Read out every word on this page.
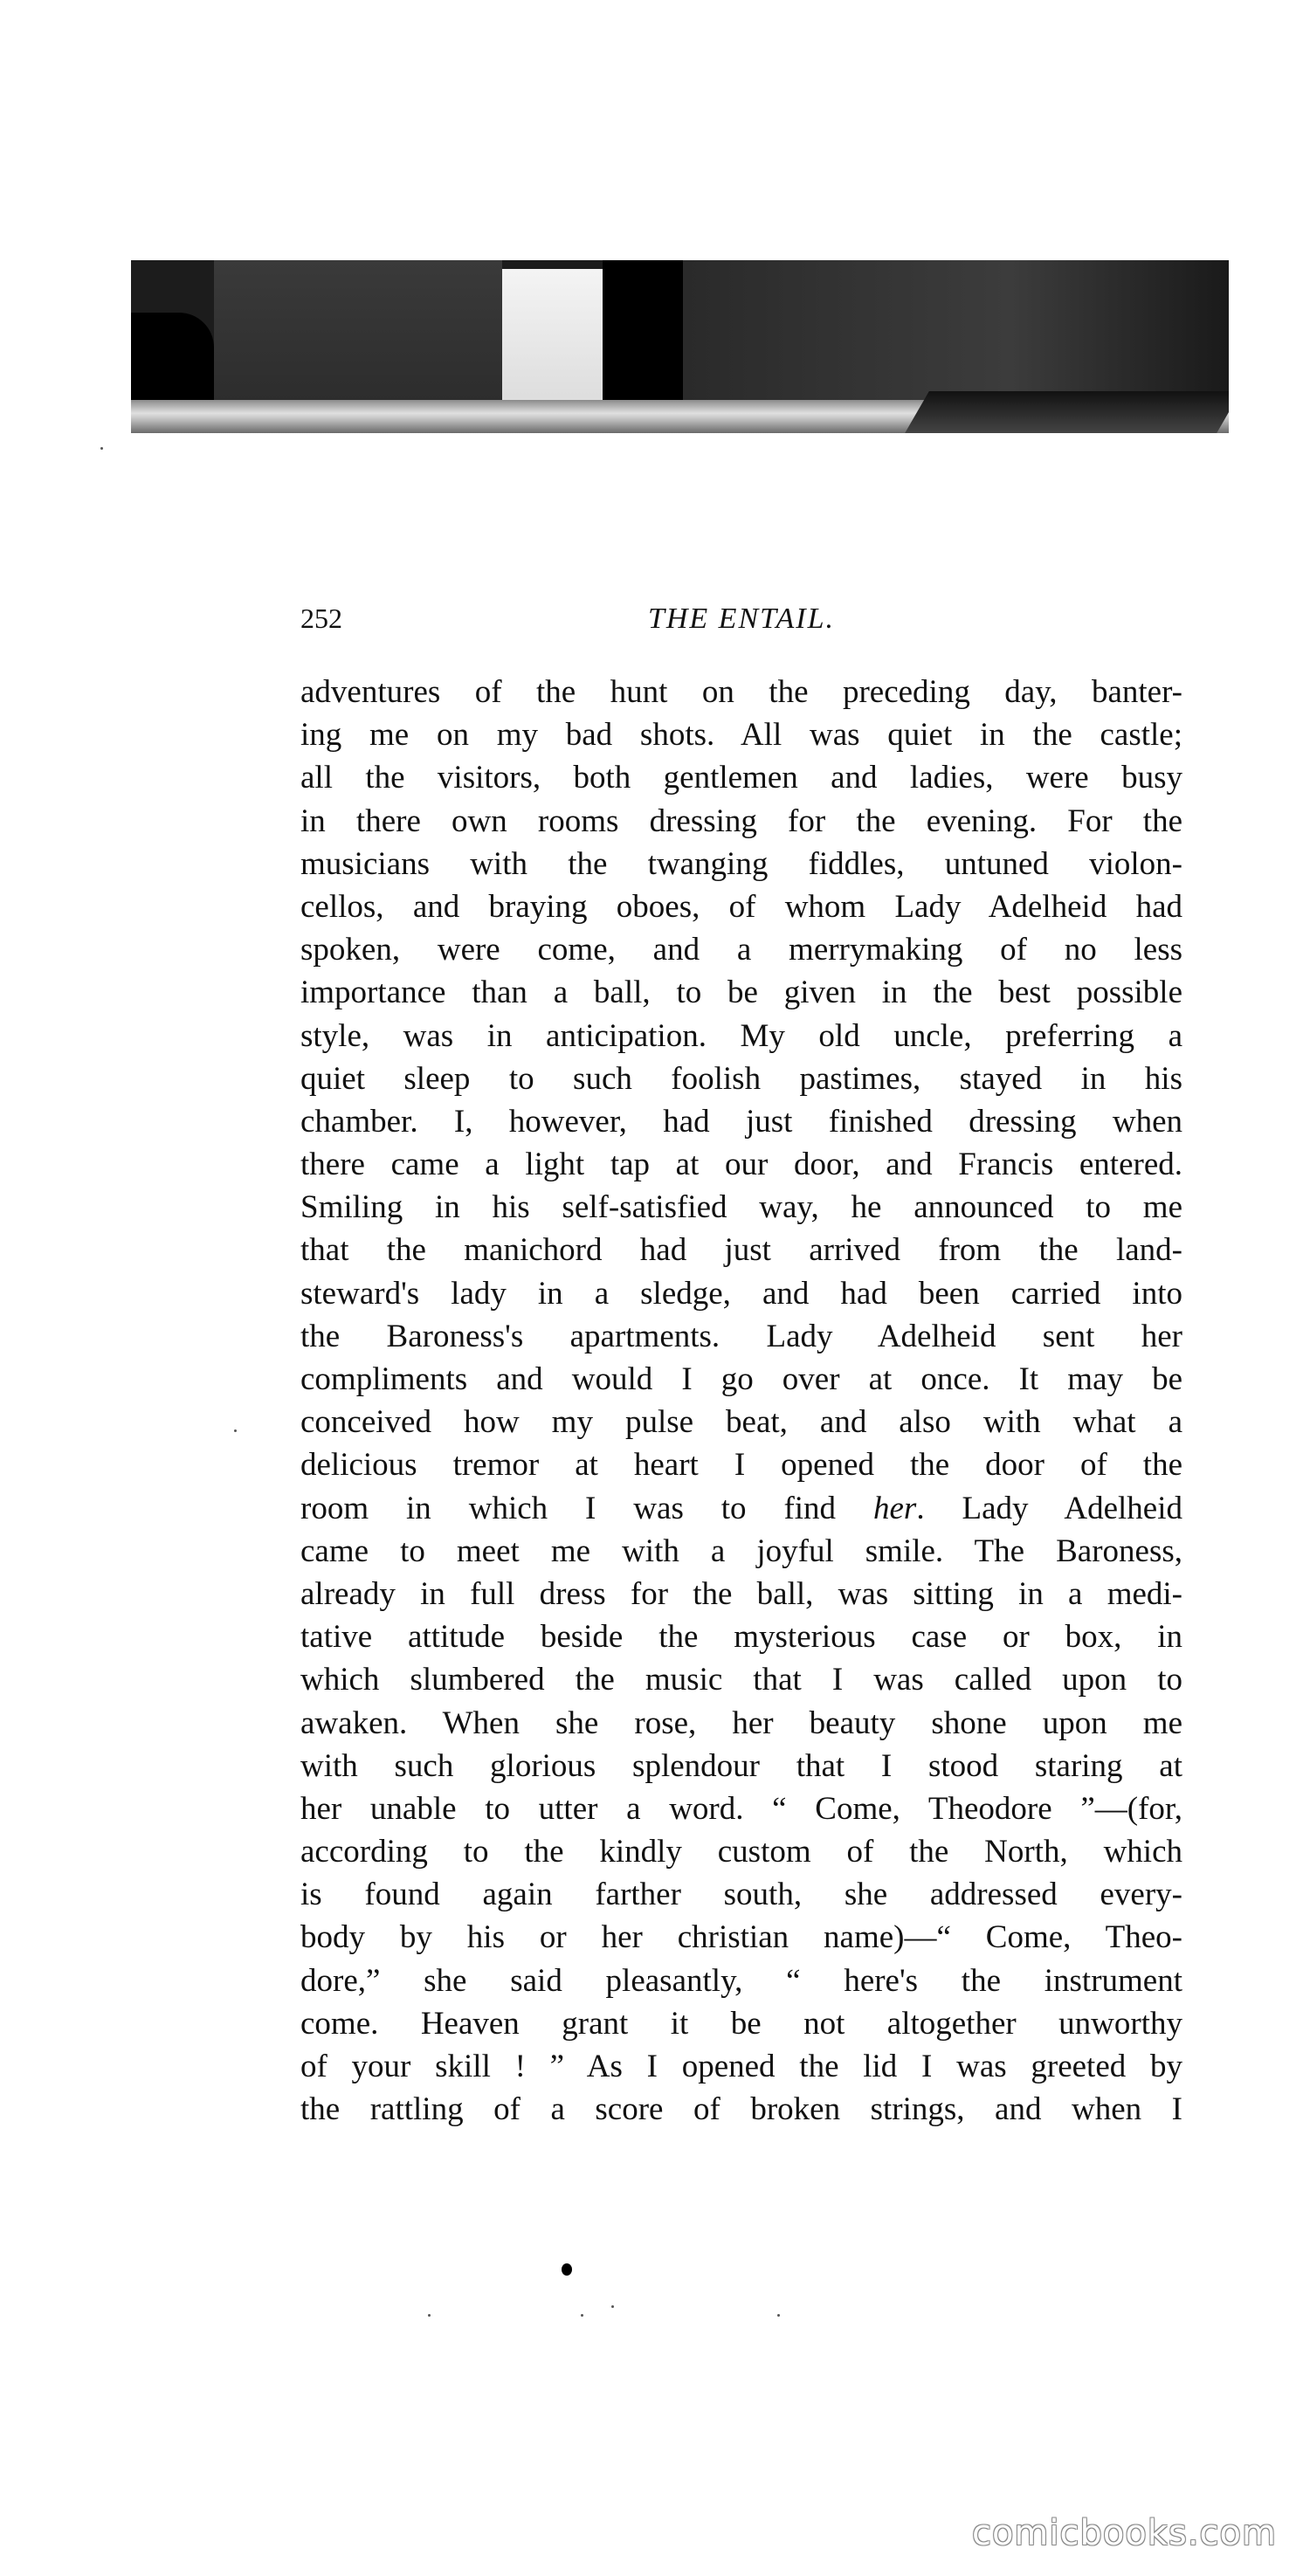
252	THE ENTAIL.
adventures of the hunt on the preceding day, banter-
ing me on my bad shots. All was quiet in the castle;
all the visitors, both gentlemen and ladies, were busy
in there own rooms dressing for the evening. For the
musicians with the twanging fiddles, untuned violon-
cellos, and braying oboes, of whom Lady Adelheid had
spoken, were come, and a merrymaking of no less
importance than a ball, to be given in the best possible
style, was in anticipation. My old uncle, preferring a
quiet sleep to such foolish pastimes, stayed in his
chamber. I, however, had just finished dressing when
there came a light tap at our door, and Francis entered.
Smiling in his self-satisfied way, he announced to me
that the manichord had just arrived from the land-
steward's lady in a sledge, and had been carried into
the Baroness's apartments. Lady Adelheid sent her
compliments and would I go over at once. It may be
conceived how my pulse beat, and also with what a
delicious tremor at heart I opened the door of the
room in which I was to find her. Lady Adelheid
came to meet me with a joyful smile. The Baroness,
already in full dress for the ball, was sitting in a medi-
tative attitude beside the mysterious case or box, in
which slumbered the music that I was called upon to
awaken. When she rose, her beauty shone upon me
with such glorious splendour that I stood staring at
her unable to utter a word. “ Come, Theodore ”—(for,
according to the kindly custom of the North, which
is found again farther south, she addressed every-
body by his or her christian name)—“ Come, Theo-
dore,” she said pleasantly, “ here's the instrument
come. Heaven grant it be not altogether unworthy
of your skill ! ” As I opened the lid I was greeted by
the rattling of a score of broken strings, and when I
comicbooks.com
